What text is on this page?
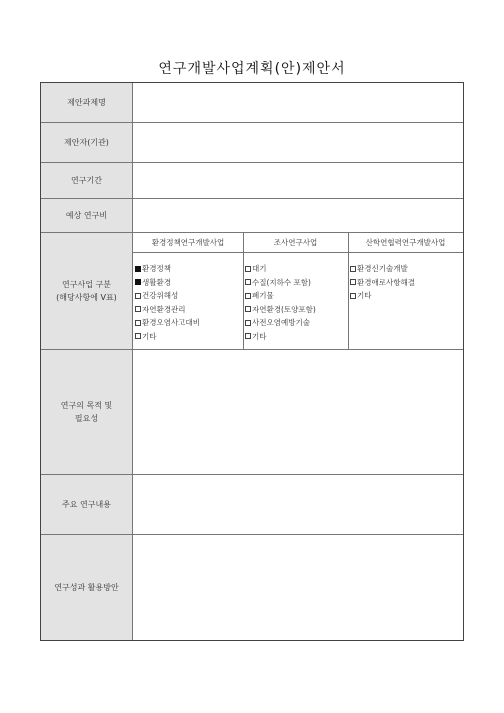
연구개발사업계획(안)제안서
제안과제명
제안자(기관)
연구기간
예상 연구비
연구사업 구분
(해당사항에 V표)
환경정책연구개발사업	조사연구사업	산학연협력연구개발사업
환경정책
생활환경
건강위해성
자연환경관리
환경오염사고대비
기타
대기
수질(지하수 포함)
폐기물
자연환경(토양포함)
사전오염예방기술
기타
환경신기술개발
환경애로사항해결
기타
연구의 목적 및
필요성
주요 연구내용
연구성과 활용방안
